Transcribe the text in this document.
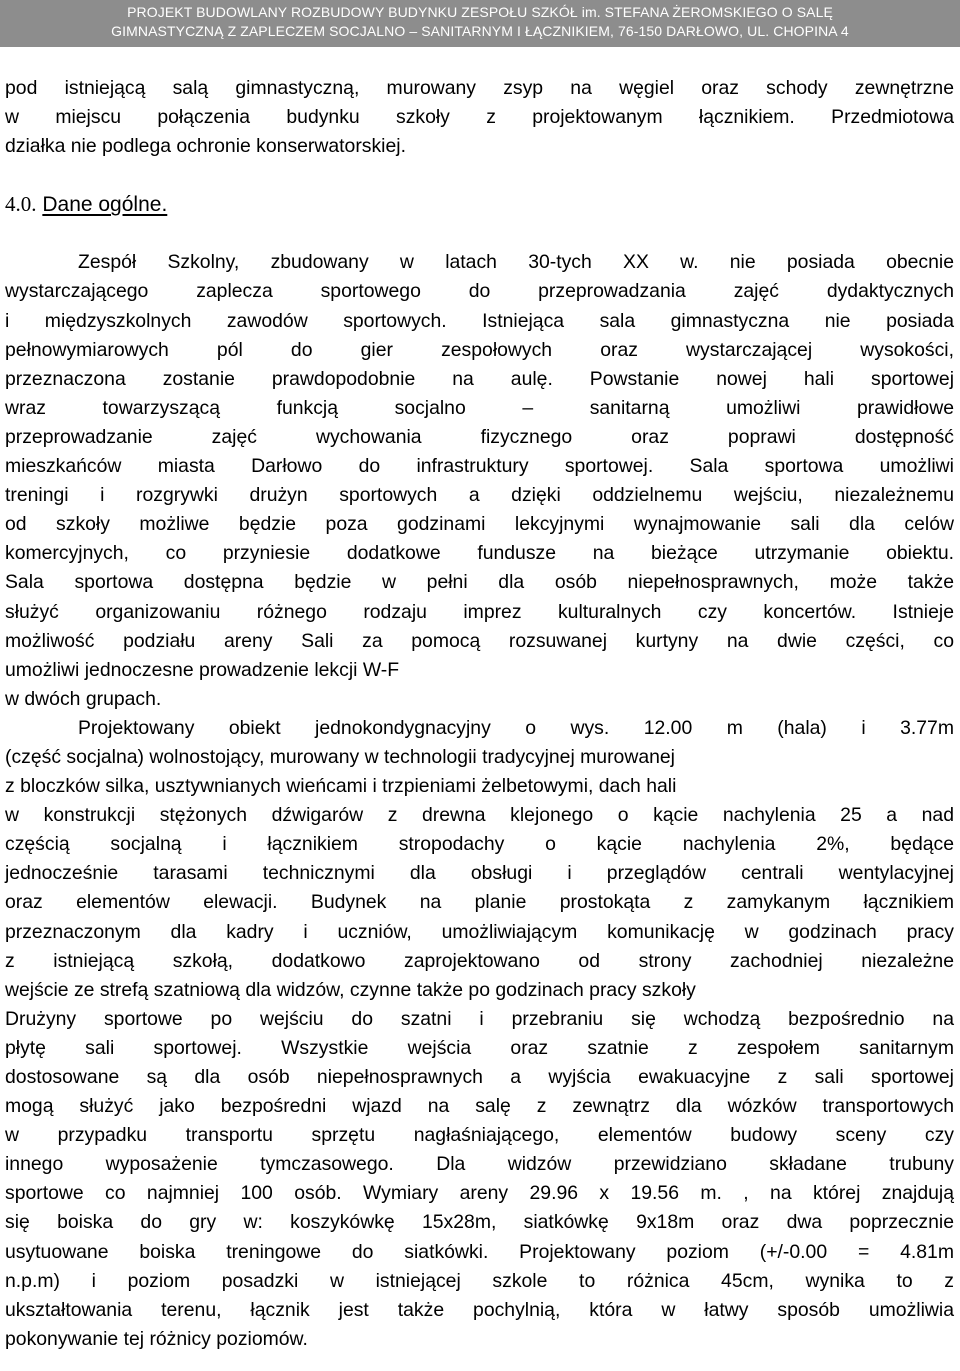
PROJEKT BUDOWLANY ROZBUDOWY BUDYNKU ZESPOŁU SZKÓŁ im. STEFANA ŻEROMSKIEGO O SALĘ
GIMNASTYCZNĄ Z ZAPLECZEM SOCJALNO – SANITARNYM I ŁĄCZNIKIEM, 76-150 DARŁOWO, UL. CHOPINA 4
pod istniejącą salą gimnastyczną, murowany zsyp na węgiel oraz schody zewnętrzne
w miejscu połączenia budynku szkoły z projektowanym łącznikiem. Przedmiotowa
działka nie podlega ochronie konserwatorskiej.
4.0. Dane ogólne.
Zespół Szkolny, zbudowany w latach 30-tych XX w. nie posiada obecnie
wystarczającego zaplecza sportowego do przeprowadzania zajęć dydaktycznych
i międzyszkolnych zawodów sportowych. Istniejąca sala gimnastyczna nie posiada
pełnowymiarowych pól do gier zespołowych oraz wystarczającej wysokości,
przeznaczona zostanie prawdopodobnie na aulę. Powstanie nowej hali sportowej
wraz towarzyszącą funkcją socjalno – sanitarną umożliwi prawidłowe
przeprowadzanie zajęć wychowania fizycznego oraz poprawi dostępność
mieszkańców miasta Darłowo do infrastruktury sportowej. Sala sportowa umożliwi
treningi i rozgrywki drużyn sportowych a dzięki oddzielnemu wejściu, niezależnemu
od szkoły możliwe będzie poza godzinami lekcyjnymi wynajmowanie sali dla celów
komercyjnych, co przyniesie dodatkowe fundusze na bieżące utrzymanie obiektu.
Sala sportowa dostępna będzie w pełni dla osób niepełnosprawnych, może także
służyć organizowaniu różnego rodzaju imprez kulturalnych czy koncertów. Istnieje
możliwość podziału areny Sali za pomocą rozsuwanej kurtyny na dwie części, co
umożliwi jednoczesne prowadzenie lekcji W-F
w dwóch grupach.
Projektowany obiekt jednokondygnacyjny o wys. 12.00 m (hala) i 3.77m
(część socjalna) wolnostojący, murowany w technologii tradycyjnej murowanej
z bloczków silka, usztywnianych wieńcami i trzpieniami żelbetowymi, dach hali
w konstrukcji stężonych dźwigarów z drewna klejonego o kącie nachylenia 25 a nad
częścią socjalną i łącznikiem stropodachy o kącie nachylenia 2%, będące
jednocześnie tarasami technicznymi dla obsługi i przeglądów centrali wentylacyjnej
oraz elementów elewacji. Budynek na planie prostokąta z zamykanym łącznikiem
przeznaczonym dla kadry i uczniów, umożliwiającym komunikację w godzinach pracy
z istniejącą szkołą, dodatkowo zaprojektowano od strony zachodniej niezależne
wejście ze strefą szatniową dla widzów, czynne także po godzinach pracy szkoły
Drużyny sportowe po wejściu do szatni i przebraniu się wchodzą bezpośrednio na
płytę sali sportowej. Wszystkie wejścia oraz szatnie z zespołem sanitarnym
dostosowane są dla osób niepełnosprawnych a wyjścia ewakuacyjne z sali sportowej
mogą służyć jako bezpośredni wjazd na salę z zewnątrz dla wózków transportowych
w przypadku transportu sprzętu nagłaśniającego, elementów budowy sceny czy
innego wyposażenie tymczasowego. Dla widzów przewidziano składane trubuny
sportowe co najmniej 100 osób. Wymiary areny 29.96 x 19.56 m. , na której znajdują
się boiska do gry w: koszykówkę 15x28m, siatkówkę 9x18m oraz dwa poprzecznie
usytuowane boiska treningowe do siatkówki. Projektowany poziom (+/-0.00 = 4.81m
n.p.m) i poziom posadzki w istniejącej szkole to różnica 45cm, wynika to z
ukształtowania terenu, łącznik jest także pochylnią, która w łatwy sposób umożliwia
pokonywanie tej różnicy poziomów.
